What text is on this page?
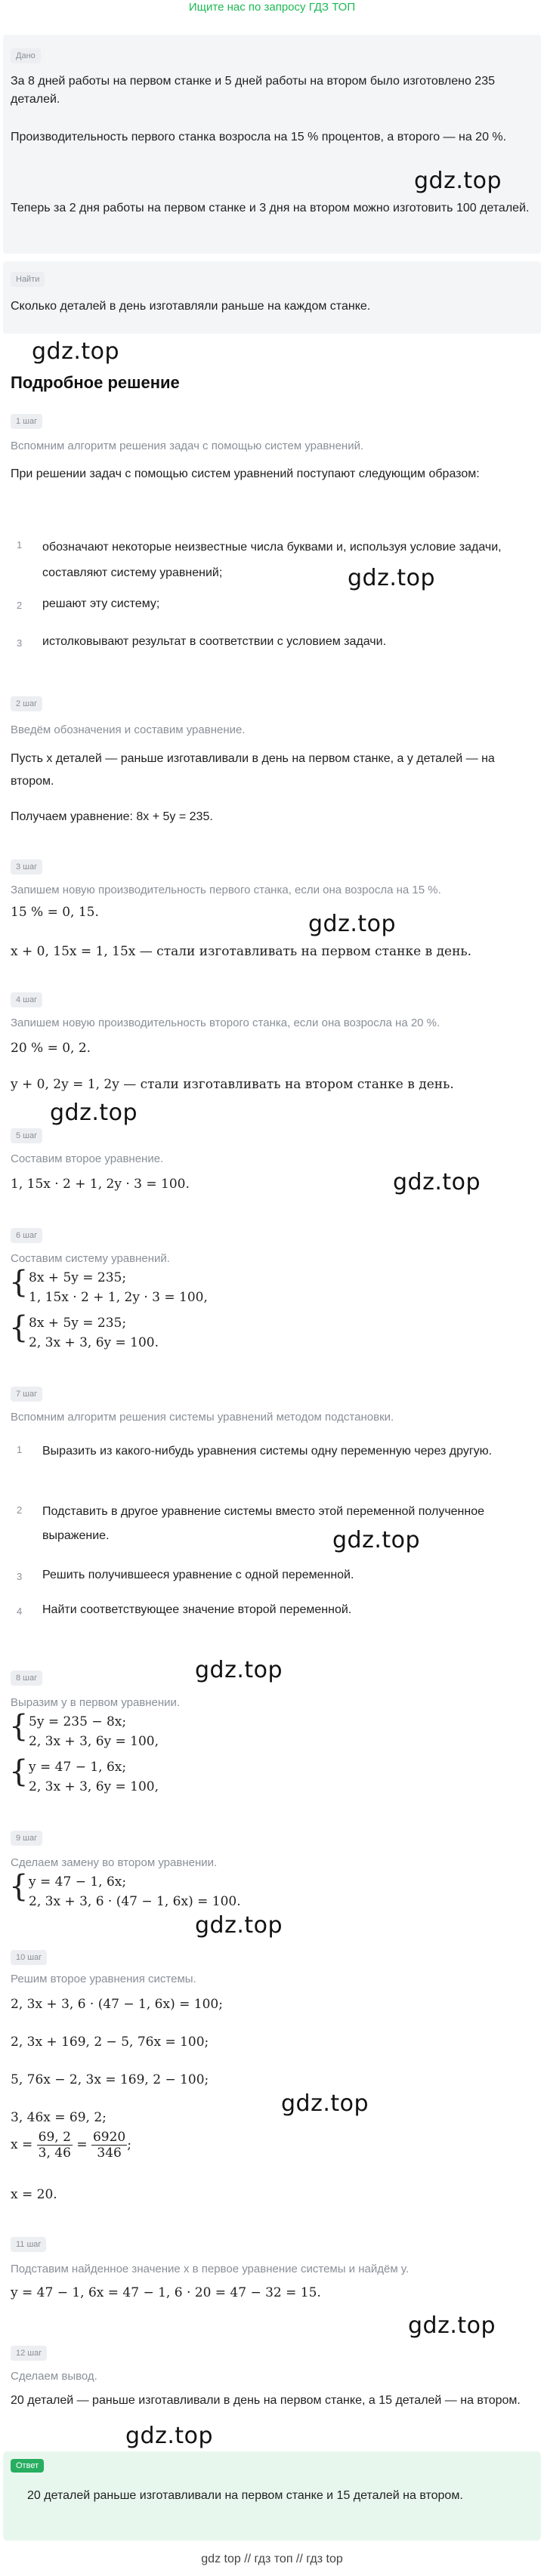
Ищите нас по запросу ГДЗ ТОП
Дано
За 8 дней работы на первом станке и 5 дней работы на втором было изготовлено 235 деталей.
Производительность первого станка возросла на 15 % процентов, а второго — на 20 %.
Теперь за 2 дня работы на первом станке и 3 дня на втором можно изготовить 100 деталей.
gdz.top
Найти
Сколько деталей в день изготавляли раньше на каждом станке.
gdz.top
Подробное решение
1 шаг
Вспомним алгоритм решения задач с помощью систем уравнений.
При решении задач с помощью систем уравнений поступают следующим образом:
1 обозначают некоторые неизвестные числа буквами и, используя условие задачи, составляют систему уравнений;	gdz.top
2 решают эту систему;
3 истолковывают результат в соответствии с условием задачи.
2 шаг
Введём обозначения и составим уравнение.
Пусть x деталей — раньше изготавливали в день на первом станке, а y деталей — на втором.
Получаем уравнение: 8x + 5y = 235.
3 шаг
Запишем новую производительность первого станка, если она возросла на 15 %.
15 % = 0, 15.	gdz.top
x + 0, 15x = 1, 15x — стали изготавливать на первом станке в день.
4 шаг
Запишем новую производительность второго станка, если она возросла на 20 %.
20 % = 0, 2.
y + 0, 2y = 1, 2y — стали изготавливать на втором станке в день.
gdz.top
5 шаг
Составим второе уравнение.
gdz.top
1, 15x · 2 + 1, 2y · 3 = 100.
6 шаг
Составим систему уравнений.
{ 8x + 5y = 235;
1, 15x · 2 + 1, 2y · 3 = 100,
{ 8x + 5y = 235;
2, 3x + 3, 6y = 100.
7 шаг
Вспомним алгоритм решения системы уравнений методом подстановки.
1 Выразить из какого-нибудь уравнения системы одну переменную через другую.
2 Подставить в другое уравнение системы вместо этой переменной полученное выражение.	gdz.top
3 Решить получившееся уравнение с одной переменной.
4 Найти соответствующее значение второй переменной.
gdz.top
8 шаг
Выразим y в первом уравнении.
{ 5y = 235 − 8x;
2, 3x + 3, 6y = 100,
{ y = 47 − 1, 6x;
2, 3x + 3, 6y = 100,
9 шаг
Сделаем замену во втором уравнении.
{ y = 47 − 1, 6x;
2, 3x + 3, 6 · (47 − 1, 6x) = 100.
gdz.top
10 шаг
Решим второе уравнения системы.
2, 3x + 3, 6 · (47 − 1, 6x) = 100;
2, 3x + 169, 2 − 5, 76x = 100;
5, 76x − 2, 3x = 169, 2 − 100;
3, 46x = 69, 2;
gdz.top
$x = \frac{69, 2}{3, 46} = \frac{6920}{346}$ ;
x = 20.
11 шаг
Подставим найденное значение x в первое уравнение системы и найдём y.
y = 47 − 1, 6x = 47 − 1, 6 · 20 = 47 − 32 = 15.
gdz.top
12 шаг
Сделаем вывод.
20 деталей — раньше изготавливали в день на первом станке, а 15 деталей — на втором.
gdz.top
Ответ
20 деталей раньше изготавливали на первом станке и 15 деталей на втором.
gdz top // гдз топ // гдз top
